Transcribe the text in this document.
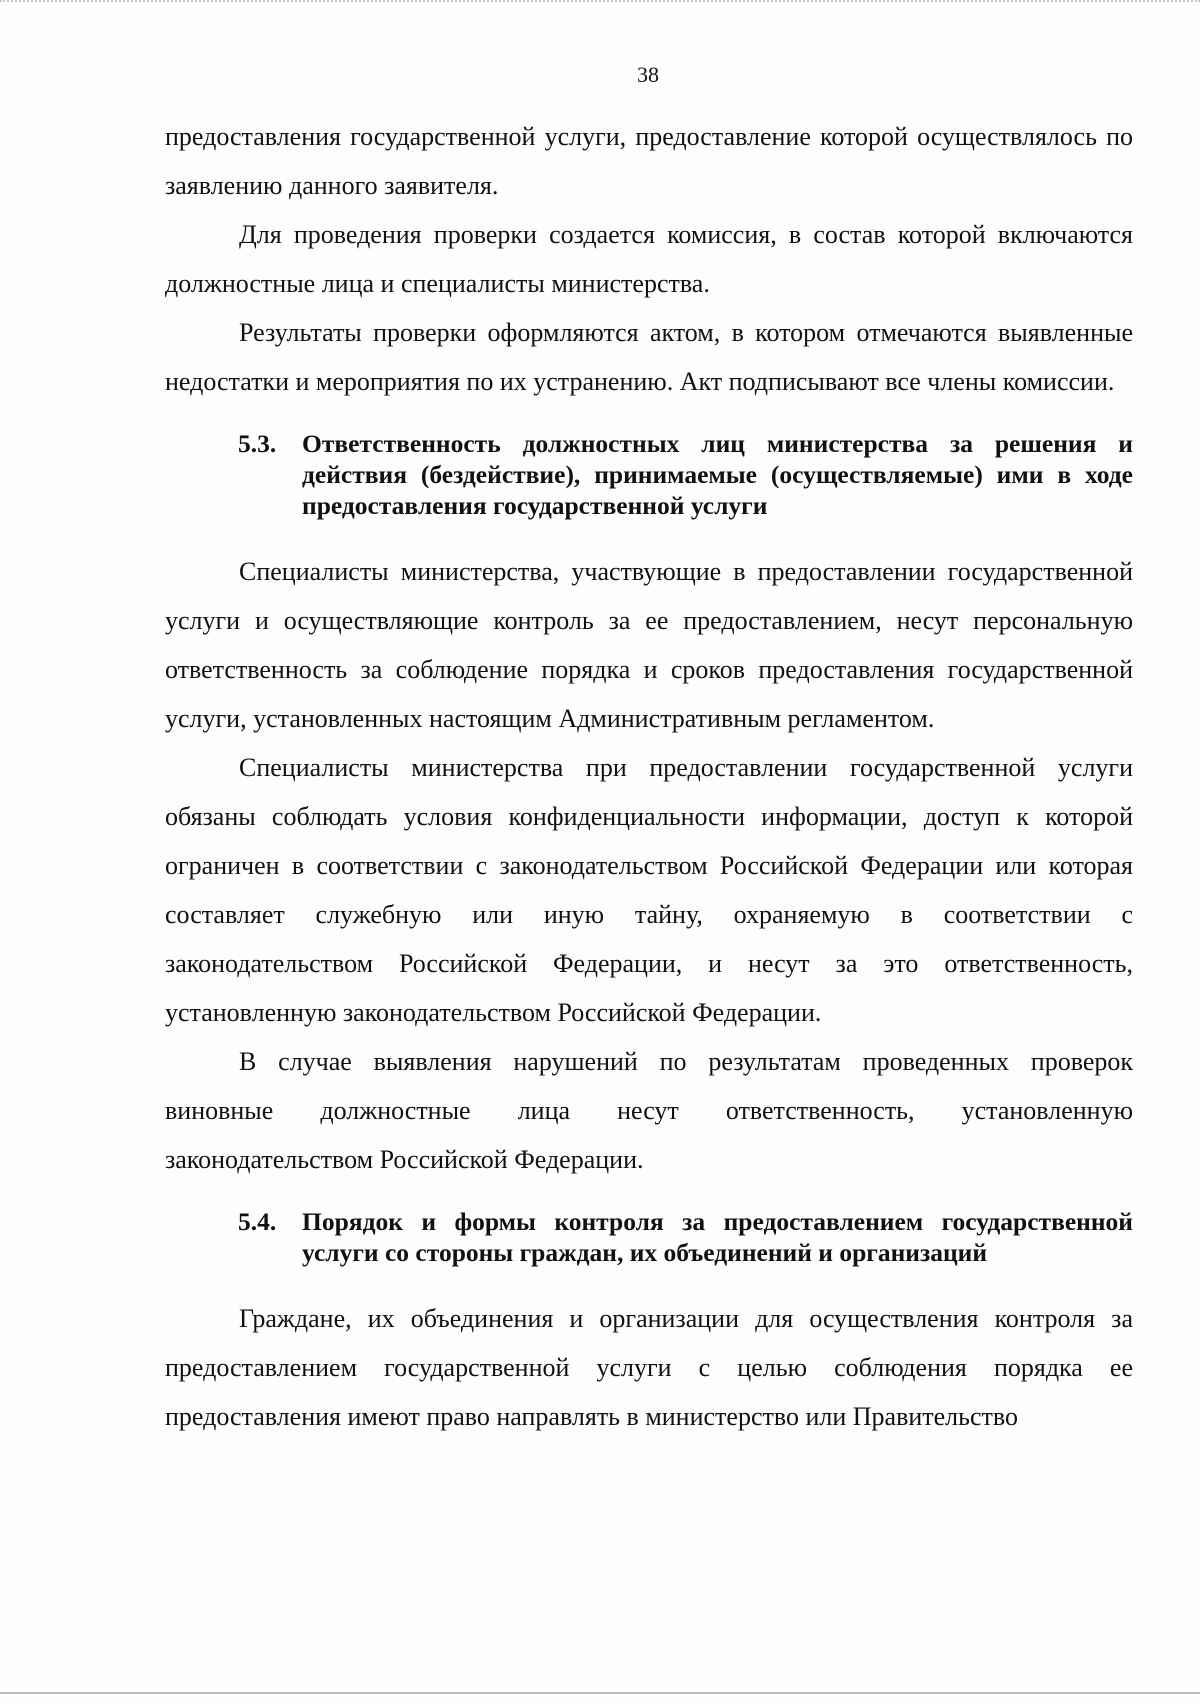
38

предоставления государственной услуги, предоставление которой осуществлялось по заявлению данного заявителя.

Для проведения проверки создается комиссия, в состав которой включаются должностные лица и специалисты министерства.

Результаты проверки оформляются актом, в котором отмечаются выявленные недостатки и мероприятия по их устранению. Акт подписывают все члены комиссии.

5.3.	Ответственность должностных лиц министерства за решения и действия (бездействие), принимаемые (осуществляемые) ими в ходе предоставления государственной услуги

Специалисты министерства, участвующие в предоставлении государственной услуги и осуществляющие контроль за ее предоставлением, несут персональную ответственность за соблюдение порядка и сроков предоставления государственной услуги, установленных настоящим Административным регламентом.

Специалисты министерства при предоставлении государственной услуги обязаны соблюдать условия конфиденциальности информации, доступ к которой ограничен в соответствии с законодательством Российской Федерации или которая составляет служебную или иную тайну, охраняемую в соответствии с законодательством Российской Федерации, и несут за это ответственность, установленную законодательством Российской Федерации.

В случае выявления нарушений по результатам проведенных проверок виновные должностные лица несут ответственность, установленную законодательством Российской Федерации.

5.4.	Порядок и формы контроля за предоставлением государственной услуги со стороны граждан, их объединений и организаций

Граждане, их объединения и организации для осуществления контроля за предоставлением государственной услуги с целью соблюдения порядка ее предоставления имеют право направлять в министерство или Правительство
